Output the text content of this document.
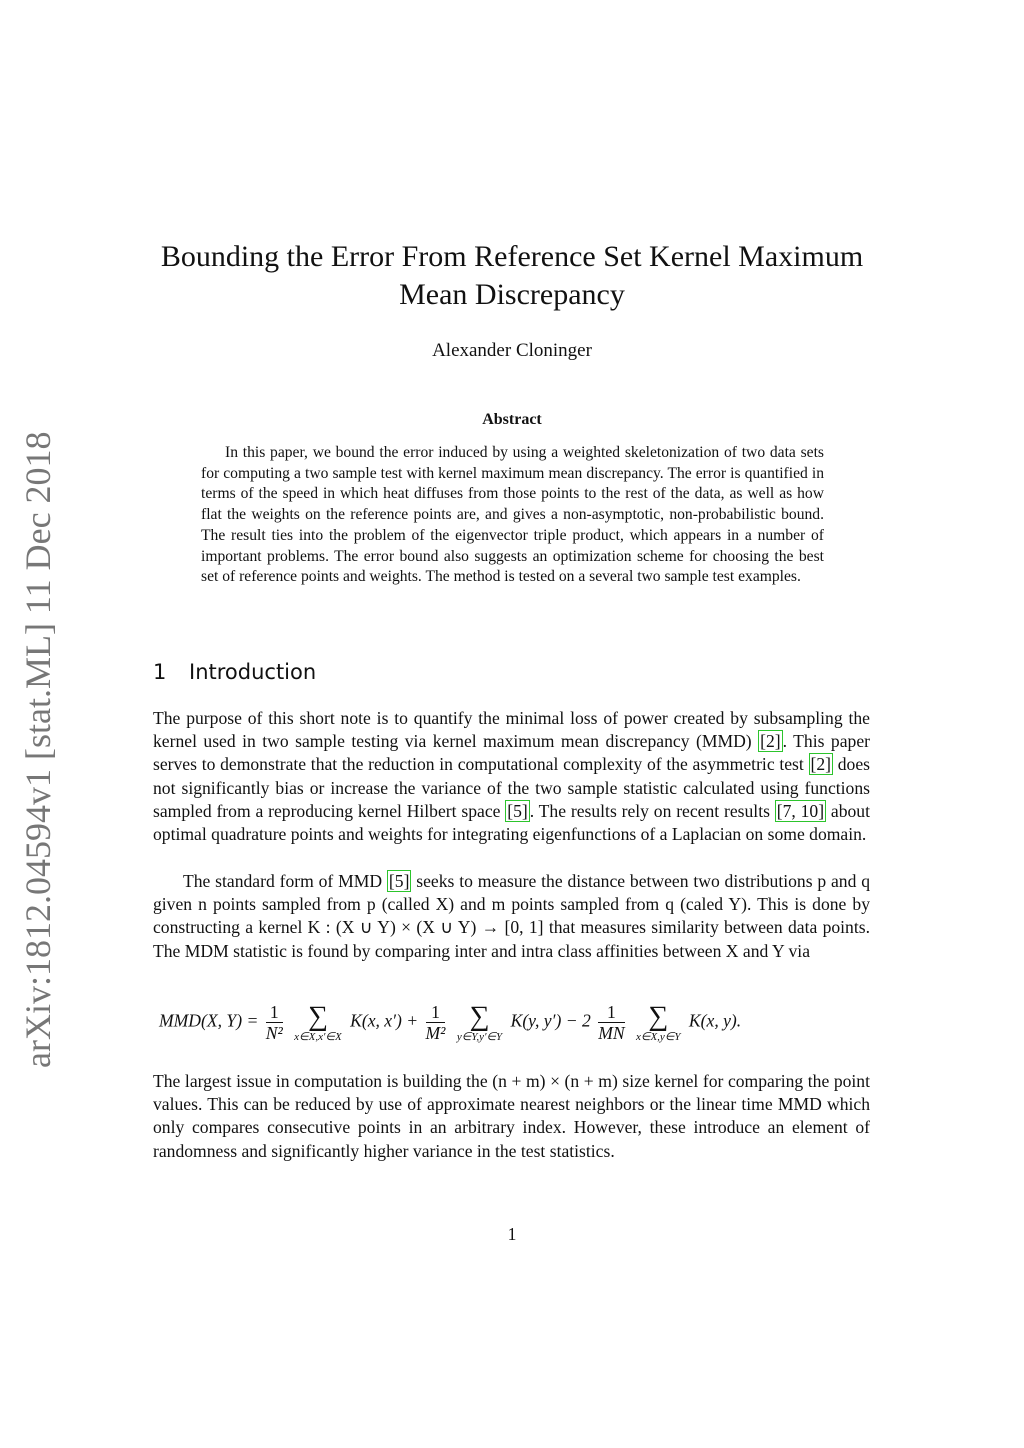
arXiv:1812.04594v1 [stat.ML] 11 Dec 2018
Bounding the Error From Reference Set Kernel Maximum Mean Discrepancy
Alexander Cloninger
Abstract
In this paper, we bound the error induced by using a weighted skeletonization of two data sets for computing a two sample test with kernel maximum mean discrepancy. The error is quantified in terms of the speed in which heat diffuses from those points to the rest of the data, as well as how flat the weights on the reference points are, and gives a non-asymptotic, non-probabilistic bound. The result ties into the problem of the eigenvector triple product, which appears in a number of important problems. The error bound also suggests an optimization scheme for choosing the best set of reference points and weights. The method is tested on a several two sample test examples.
1 Introduction
The purpose of this short note is to quantify the minimal loss of power created by subsampling the kernel used in two sample testing via kernel maximum mean discrepancy (MMD) [2] . This paper serves to demonstrate that the reduction in computational complexity of the asymmetric test [2] does not significantly bias or increase the variance of the two sample statistic calculated using functions sampled from a reproducing kernel Hilbert space [5] . The results rely on recent results [7, 10] about optimal quadrature points and weights for integrating eigenfunctions of a Laplacian on some domain.
The standard form of MMD [5] seeks to measure the distance between two distributions p and q given n points sampled from p (called X) and m points sampled from q (caled Y). This is done by constructing a kernel K : (X ∪ Y) × (X ∪ Y) → [0, 1] that measures similarity between data points. The MDM statistic is found by comparing inter and intra class affinities between X and Y via
MMD(X, $Y) = \frac{1}{\text{N²}}$
∑
x∈X,x′∈X
K(x, $x') + \frac{1}{\text{M²}}$
∑
y∈Y,y′∈Y
K(y, $y') - 2 \frac{1}{MN}$
∑
x∈X,y∈Y
K(x, y).
The largest issue in computation is building the (n + m) × (n + m) size kernel for comparing the point values. This can be reduced by use of approximate nearest neighbors or the linear time MMD which only compares consecutive points in an arbitrary index. However, these introduce an element of randomness and significantly higher variance in the test statistics.
1
